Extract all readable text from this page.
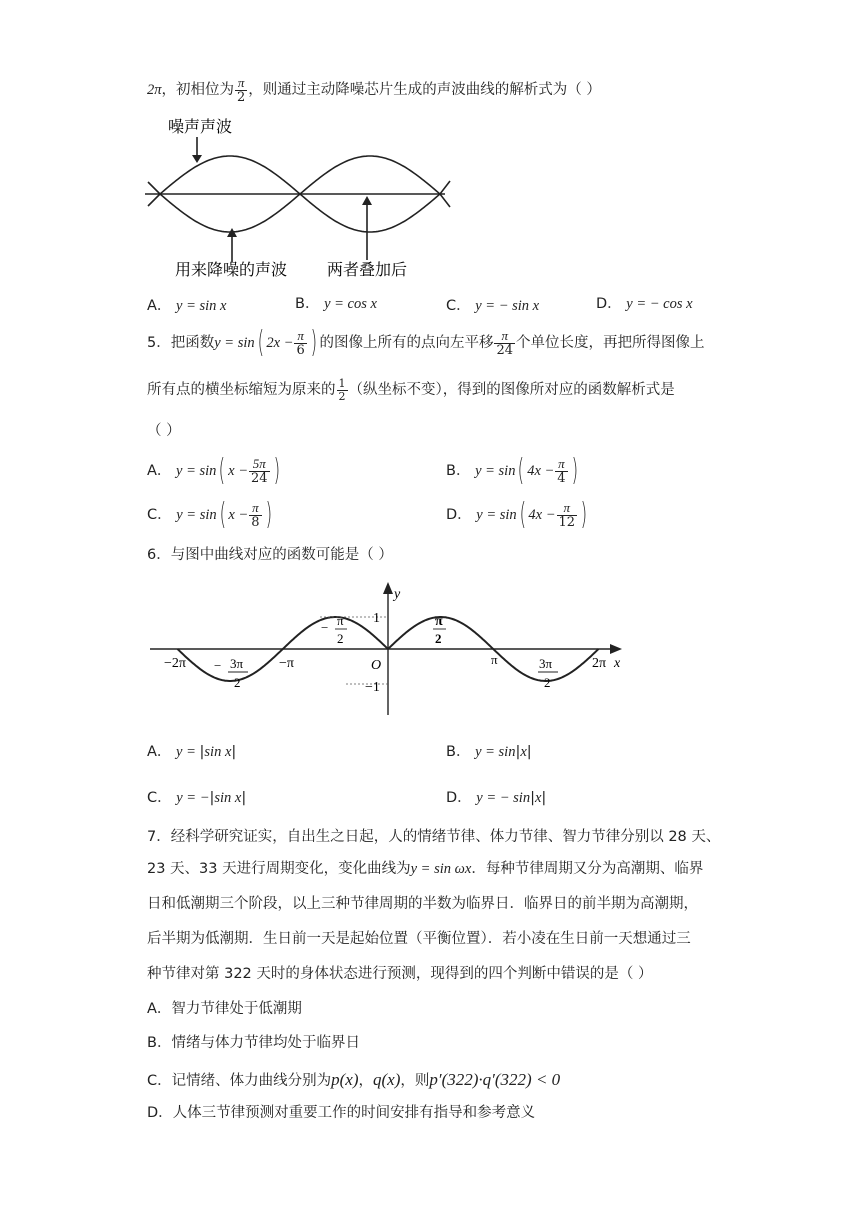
2π，初相位为 $\frac{\pi}{2}$ ，则通过主动降噪芯片生成的声波曲线的解析式为（ ）
噪声声波
用来降噪的声波 两者叠加后
A． y = sin x	B． y = cos x	C． y = − sin x	D． y = − cos x
5．把函数y = sin( $2x - \frac{\pi}{6}$ ) 的图像上所有的点向左平移 $\frac{\pi}{24}$ 个单位长度，再把所得图像上
所有点的横坐标缩短为原来的 $\frac{1}{2}$ （纵坐标不变），得到的图像所对应的函数解析式是
（ ）
A． y = sin( $x - \frac{5\pi}{24}$ )	B． y = sin( $4x - \frac{\pi}{4}$ )
C． y = sin( $x - \frac{\pi}{8}$ )	D． y = sin( $4x - \frac{\pi}{12}$ )
6．与图中曲线对应的函数可能是（ ）
y
x
O
1
−1
−2π − 3π
2
−π
− π
2
π
2
π	3π
2
2π
A． y = |sin x|	B． y = sin|x|
C． y = −|sin x|	D． y = − sin|x|
7．经科学研究证实，自出生之日起，人的情绪节律、体力节律、智力节律分别以 28 天、
23 天、33 天进行周期变化，变化曲线为y = sin ωx．每种节律周期又分为高潮期、临界
日和低潮期三个阶段，以上三种节律周期的半数为临界日．临界日的前半期为高潮期，
后半期为低潮期．生日前一天是起始位置（平衡位置）．若小凌在生日前一天想通过三
种节律对第 322 天时的身体状态进行预测，现得到的四个判断中错误的是（ ）
A．智力节律处于低潮期
B．情绪与体力节律均处于临界日
C．记情绪、体力曲线分别为p(x)，q(x)，则p′(322)·q′(322) < 0
D．人体三节律预测对重要工作的时间安排有指导和参考意义
